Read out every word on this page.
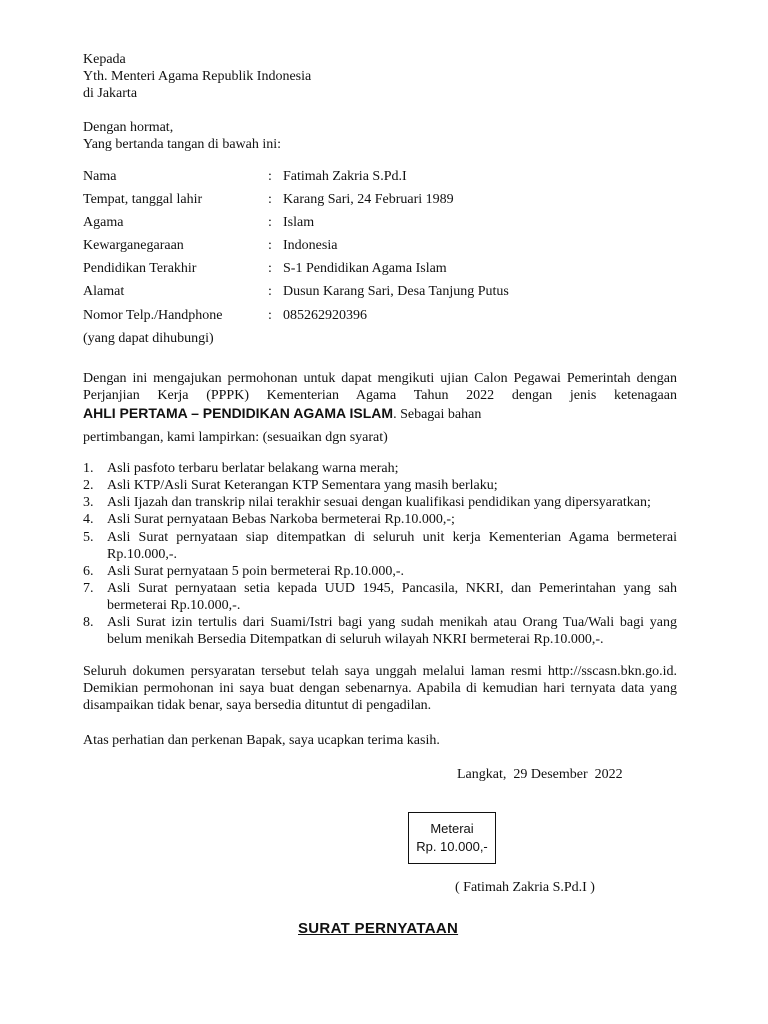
Kepada
Yth. Menteri Agama Republik Indonesia
di Jakarta
Dengan hormat,
Yang bertanda tangan di bawah ini:
Nama	: Fatimah Zakria S.Pd.I
Tempat, tanggal lahir	: Karang Sari, 24 Februari 1989
Agama	: Islam
Kewarganegaraan	: Indonesia
Pendidikan Terakhir	: S-1 Pendidikan Agama Islam
Alamat	: Dusun Karang Sari, Desa Tanjung Putus
Nomor Telp./Handphone	: 085262920396
(yang dapat dihubungi)
Dengan ini mengajukan permohonan untuk dapat mengikuti ujian Calon Pegawai Pemerintah dengan
Perjanjian Kerja (PPPK) Kementerian Agama Tahun 2022 dengan jenis ketenagaan
AHLI PERTAMA – PENDIDIKAN AGAMA ISLAM. Sebagai bahan
pertimbangan, kami lampirkan: (sesuaikan dgn syarat)
1. Asli pasfoto terbaru berlatar belakang warna merah;
2. Asli KTP/Asli Surat Keterangan KTP Sementara yang masih berlaku;
3. Asli Ijazah dan transkrip nilai terakhir sesuai dengan kualifikasi pendidikan yang dipersyaratkan;
4. Asli Surat pernyataan Bebas Narkoba bermeterai Rp.10.000,-;
5. Asli Surat pernyataan siap ditempatkan di seluruh unit kerja Kementerian Agama bermeterai
Rp.10.000,-.
6. Asli Surat pernyataan 5 poin bermeterai Rp.10.000,-.
7. Asli Surat pernyataan setia kepada UUD 1945, Pancasila, NKRI, dan Pemerintahan yang sah
bermeterai Rp.10.000,-.
8. Asli Surat izin tertulis dari Suami/Istri bagi yang sudah menikah atau Orang Tua/Wali bagi yang
belum menikah Bersedia Ditempatkan di seluruh wilayah NKRI bermeterai Rp.10.000,-.
Seluruh dokumen persyaratan tersebut telah saya unggah melalui laman resmi http://sscasn.bkn.go.id.
Demikian permohonan ini saya buat dengan sebenarnya. Apabila di kemudian hari ternyata data yang
disampaikan tidak benar, saya bersedia dituntut di pengadilan.
Atas perhatian dan perkenan Bapak, saya ucapkan terima kasih.
Langkat,  29 Desember  2022
Meterai
Rp. 10.000,-
( Fatimah Zakria S.Pd.I )
SURAT PERNYATAAN
